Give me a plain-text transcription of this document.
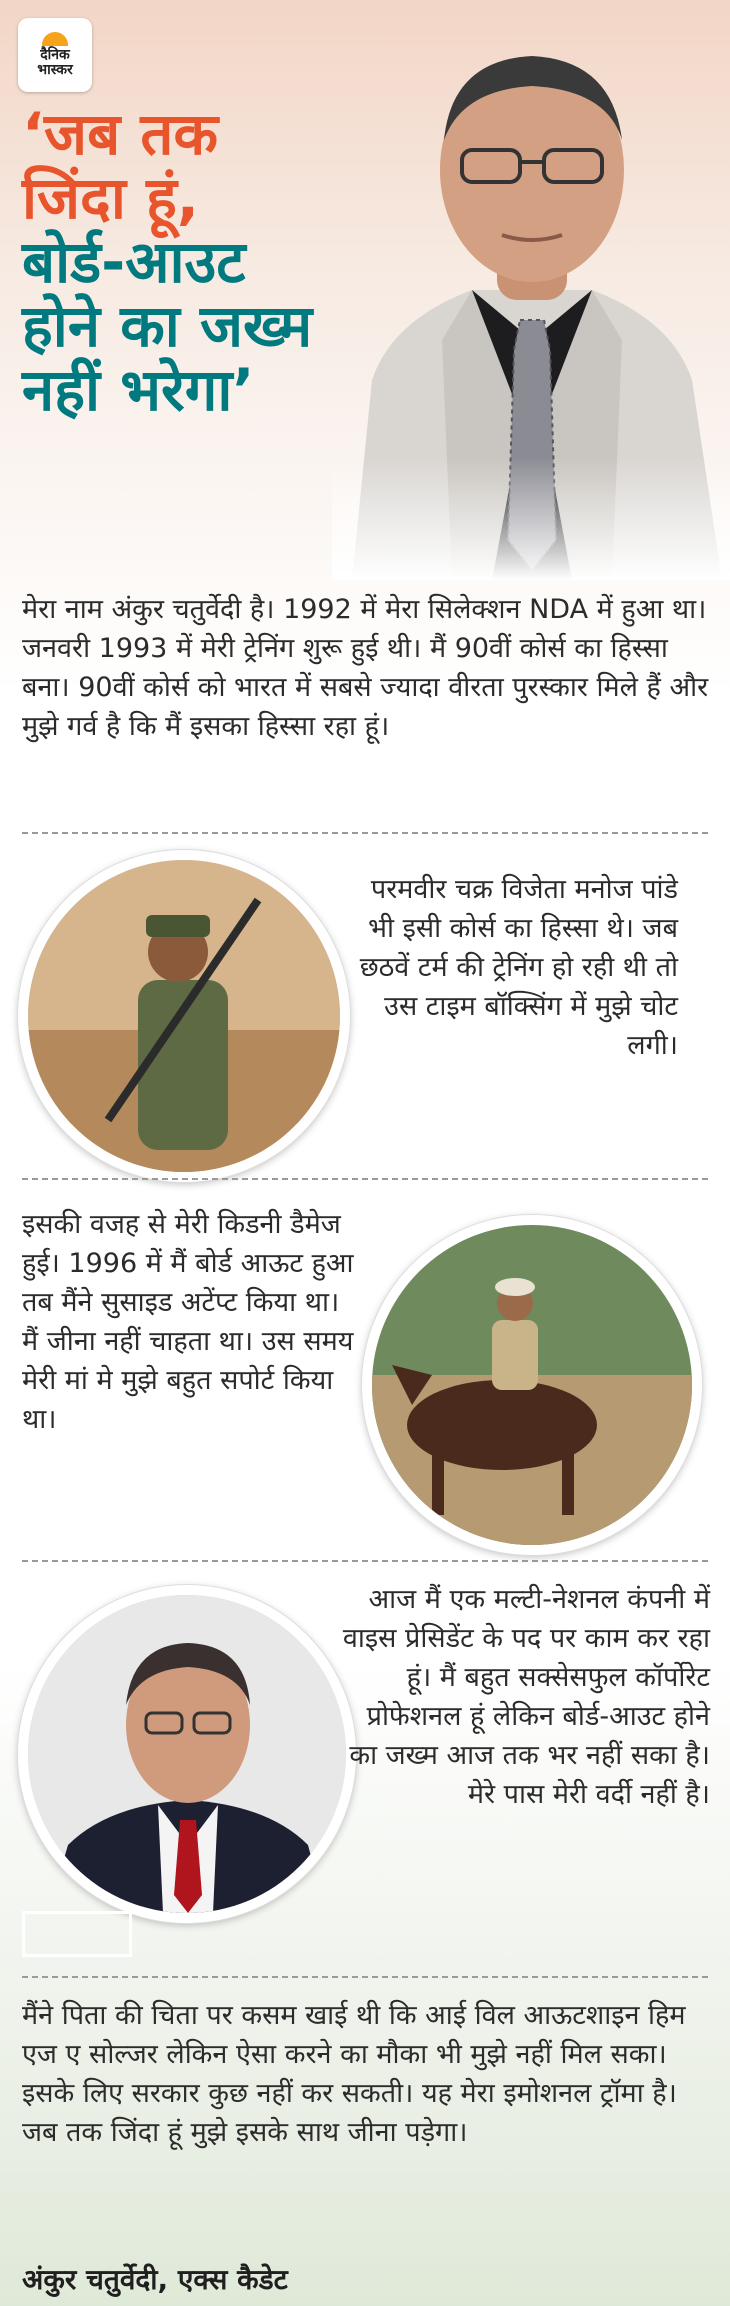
दैनिक
भास्कर
‘जब तक
जिंदा हूं,
बोर्ड-आउट
होने का जख्म
नहीं भरेगा’

मेरा नाम अंकुर चतुर्वेदी है। 1992 में मेरा सिलेक्शन NDA में हुआ था। जनवरी 1993 में मेरी ट्रेनिंग शुरू हुई थी। मैं 90वीं कोर्स का हिस्सा बना। 90वीं कोर्स को भारत में सबसे ज्यादा वीरता पुरस्कार मिले हैं और मुझे गर्व है कि मैं इसका हिस्सा रहा हूं।

परमवीर चक्र विजेता मनोज पांडे भी इसी कोर्स का हिस्सा थे। जब छठवें टर्म की ट्रेनिंग हो रही थी तो उस टाइम बॉक्सिंग में मुझे चोट लगी।

इसकी वजह से मेरी किडनी डैमेज हुई। 1996 में मैं बोर्ड आऊट हुआ तब मैंने सुसाइड अटेंप्ट किया था। मैं जीना नहीं चाहता था। उस समय मेरी मां मे मुझे बहुत सपोर्ट किया था।

आज मैं एक मल्टी-नेशनल कंपनी में वाइस प्रेसिडेंट के पद पर काम कर रहा हूं। मैं बहुत सक्सेसफुल कॉर्पोरेट प्रोफेशनल हूं लेकिन बोर्ड-आउट होने का जख्म आज तक भर नहीं सका है। मेरे पास मेरी वर्दी नहीं है।

मैंने पिता की चिता पर कसम खाई थी कि आई विल आऊटशाइन हिम एज ए सोल्जर लेकिन ऐसा करने का मौका भी मुझे नहीं मिल सका। इसके लिए सरकार कुछ नहीं कर सकती। यह मेरा इमोशनल ट्रॉमा है। जब तक जिंदा हूं मुझे इसके साथ जीना पड़ेगा।

अंकुर चतुर्वेदी, एक्स कैडेट
